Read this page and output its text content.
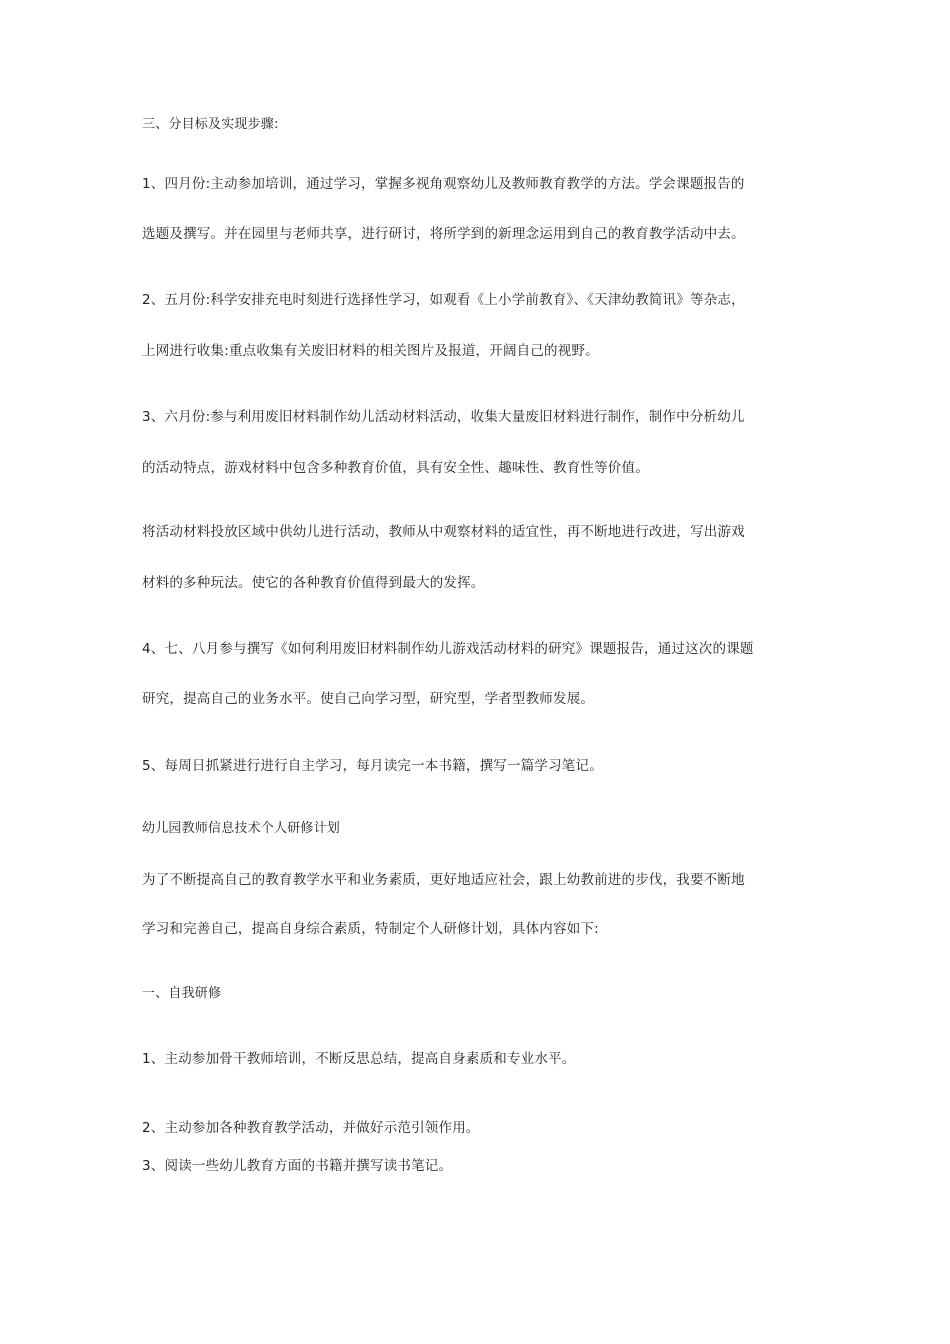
三、分目标及实现步骤:
1、四月份:主动参加培训，通过学习，掌握多视角观察幼儿及教师教育教学的方法。学会课题报告的
选题及撰写。并在园里与老师共享，进行研讨，将所学到的新理念运用到自己的教育教学活动中去。
2、五月份:科学安排充电时刻进行选择性学习，如观看《上小学前教育》、《天津幼教简讯》等杂志，
上网进行收集:重点收集有关废旧材料的相关图片及报道，开阔自己的视野。
3、六月份:参与利用废旧材料制作幼儿活动材料活动，收集大量废旧材料进行制作，制作中分析幼儿
的活动特点，游戏材料中包含多种教育价值，具有安全性、趣味性、教育性等价值。
将活动材料投放区域中供幼儿进行活动，教师从中观察材料的适宜性，再不断地进行改进，写出游戏
材料的多种玩法。使它的各种教育价值得到最大的发挥。
4、七、八月参与撰写《如何利用废旧材料制作幼儿游戏活动材料的研究》课题报告，通过这次的课题
研究，提高自己的业务水平。使自己向学习型，研究型，学者型教师发展。
5、每周日抓紧进行进行自主学习，每月读完一本书籍，撰写一篇学习笔记。
幼儿园教师信息技术个人研修计划
为了不断提高自己的教育教学水平和业务素质，更好地适应社会，跟上幼教前进的步伐，我要不断地
学习和完善自己，提高自身综合素质，特制定个人研修计划，具体内容如下:
一、自我研修
1、主动参加骨干教师培训，不断反思总结，提高自身素质和专业水平。
2、主动参加各种教育教学活动，并做好示范引领作用。
3、阅读一些幼儿教育方面的书籍并撰写读书笔记。
